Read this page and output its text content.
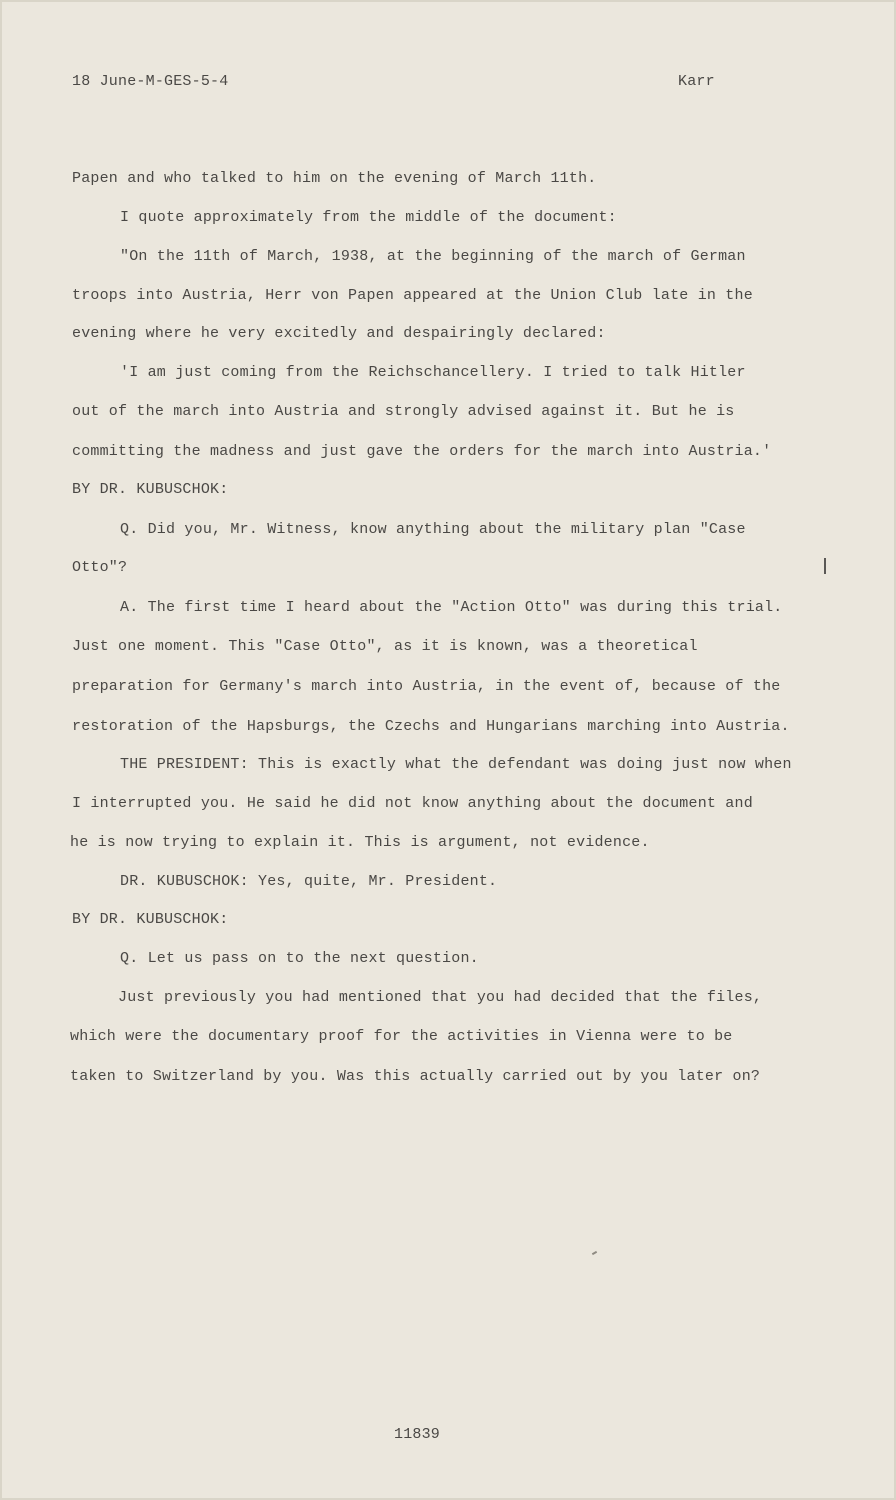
18 June-M-GES-5-4	Karr
Papen and who talked to him on the evening of March 11th.
I quote approximately from the middle of the document:
"On the 11th of March, 1938, at the beginning of the march of German
troops into Austria, Herr von Papen appeared at the Union Club late in the
evening where he very excitedly and despairingly declared:
'I am just coming from the Reichschancellery. I tried to talk Hitler
out of the march into Austria and strongly advised against it. But he is
committing the madness and just gave the orders for the march into Austria.'
BY DR. KUBUSCHOK:
Q. Did you, Mr. Witness, know anything about the military plan "Case
Otto"?
A. The first time I heard about the "Action Otto" was during this trial.
Just one moment. This "Case Otto", as it is known, was a theoretical
preparation for Germany's march into Austria, in the event of, because of the
restoration of the Hapsburgs, the Czechs and Hungarians marching into Austria.
THE PRESIDENT: This is exactly what the defendant was doing just now when
I interrupted you. He said he did not know anything about the document and
he is now trying to explain it. This is argument, not evidence.
DR. KUBUSCHOK: Yes, quite, Mr. President.
BY DR. KUBUSCHOK:
Q. Let us pass on to the next question.
Just previously you had mentioned that you had decided that the files,
which were the documentary proof for the activities in Vienna were to be
taken to Switzerland by you. Was this actually carried out by you later on?
11839
